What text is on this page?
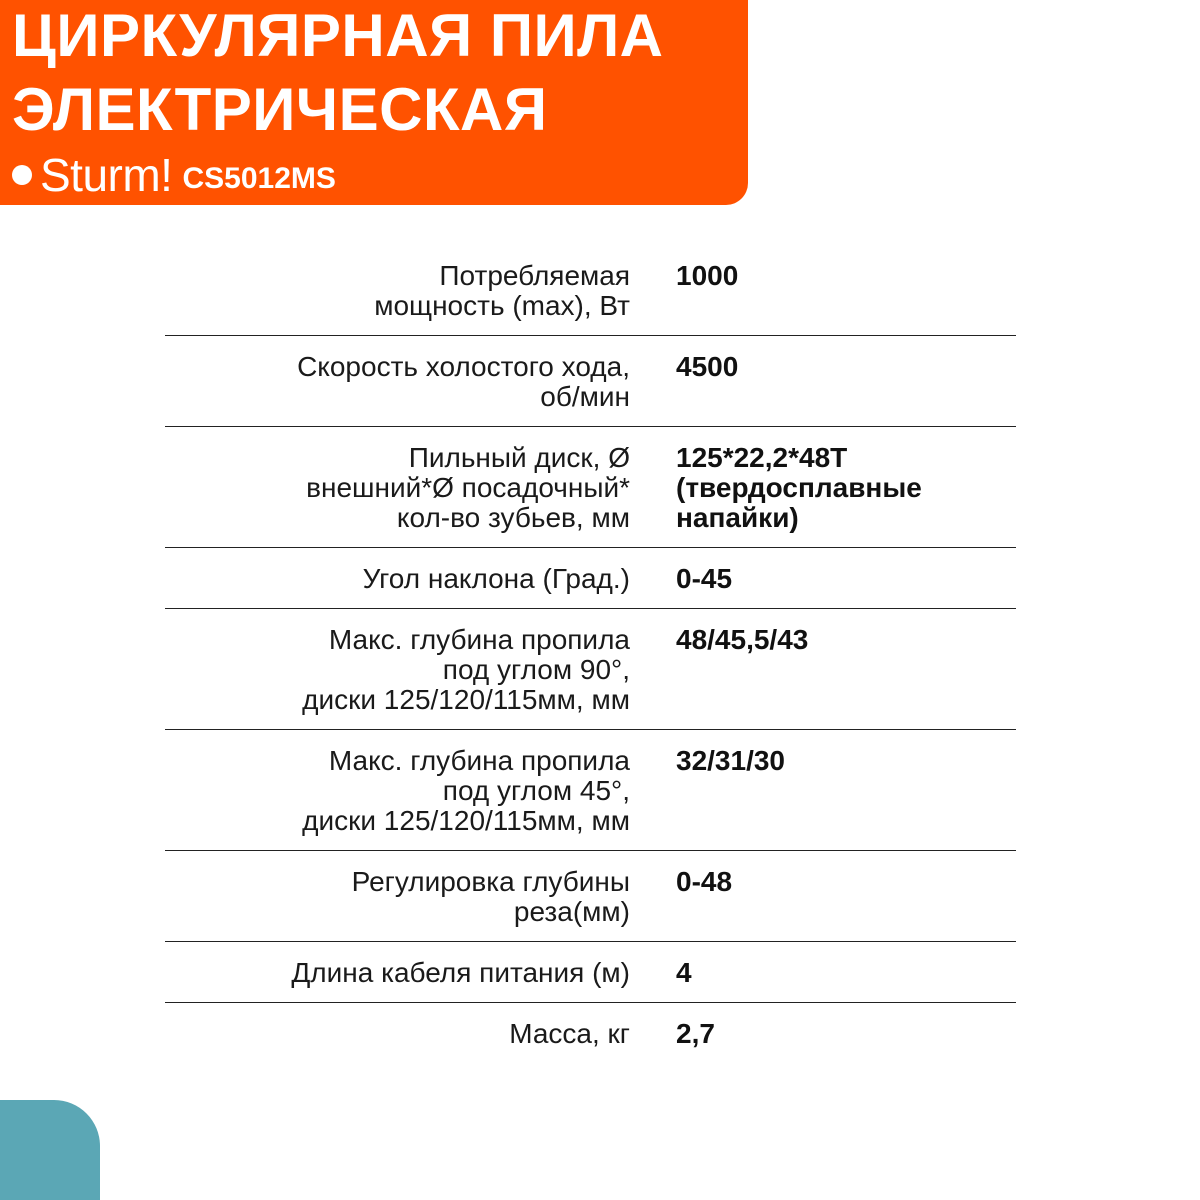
ЦИРКУЛЯРНАЯ ПИЛА
ЭЛЕКТРИЧЕСКАЯ
Sturm! CS5012MS
Потребляемая
мощность (max), Вт
1000
Скорость холостого хода,
об/мин
4500
Пильный диск, Ø
внешний*Ø посадочный*
кол-во зубьев, мм
125*22,2*48T
(твердосплавные
напайки)
Угол наклона (Град.) 0-45
Макс. глубина пропила
под углом 90°,
диски 125/120/115мм, мм
48/45,5/43
Макс. глубина пропила
под углом 45°,
диски 125/120/115мм, мм
32/31/30
Регулировка глубины
реза(мм)
0-48
Длина кабеля питания (м) 4
Масса, кг 2,7
